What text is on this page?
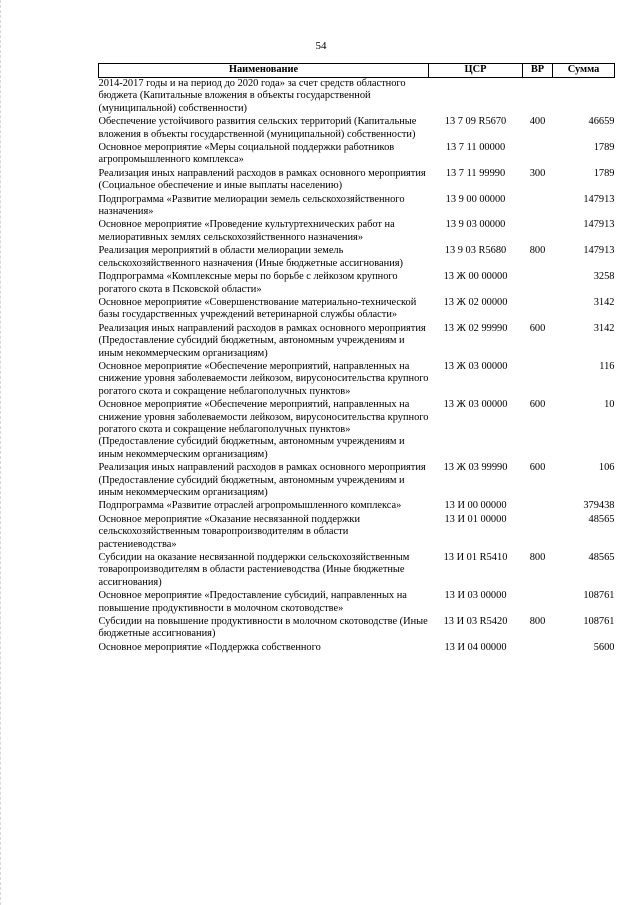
54
Наименование	ЦСР	ВР	Сумма
2014-2017 годы и на период до 2020 года» за счет средств областного бюджета (Капитальные вложения в объекты государственной (муниципальной) собственности)			
Обеспечение устойчивого развития сельских территорий (Капитальные вложения в объекты государственной (муниципальной) собственности)	13 7 09 R5670	400	46659
Основное мероприятие «Меры социальной поддержки работников агропромышленного комплекса»	13 7 11 00000		1789
Реализация иных направлений расходов в рамках основного мероприятия (Социальное обеспечение и иные выплаты населению)	13 7 11 99990	300	1789
Подпрограмма «Развитие мелиорации земель сельскохозяйственного назначения»	13 9 00 00000		147913
Основное мероприятие «Проведение культуртехнических работ на мелиоративных землях сельскохозяйственного назначения»	13 9 03 00000		147913
Реализация мероприятий в области мелиорации земель сельскохозяйственного назначения (Иные бюджетные ассигнования)	13 9 03 R5680	800	147913
Подпрограмма «Комплексные меры по борьбе с лейкозом крупного рогатого скота в Псковской области»	13 Ж 00 00000		3258
Основное мероприятие «Совершенствование материально-технической базы государственных учреждений ветеринарной службы области»	13 Ж 02 00000		3142
Реализация иных направлений расходов в рамках основного мероприятия (Предоставление субсидий бюджетным, автономным учреждениям и иным некоммерческим организациям)	13 Ж 02 99990	600	3142
Основное мероприятие «Обеспечение мероприятий, направленных на снижение уровня заболеваемости лейкозом, вирусоносительства крупного рогатого скота и сокращение неблагополучных пунктов»	13 Ж 03 00000		116
Основное мероприятие «Обеспечение мероприятий, направленных на снижение уровня заболеваемости лейкозом, вирусоносительства крупного рогатого скота и сокращение неблагополучных пунктов» (Предоставление субсидий бюджетным, автономным учреждениям и иным некоммерческим организациям)	13 Ж 03 00000	600	10
Реализация иных направлений расходов в рамках основного мероприятия (Предоставление субсидий бюджетным, автономным учреждениям и иным некоммерческим организациям)	13 Ж 03 99990	600	106
Подпрограмма «Развитие отраслей агропромышленного комплекса»	13 И 00 00000		379438
Основное мероприятие «Оказание несвязанной поддержки сельскохозяйственным товаропроизводителям в области растениеводства»	13 И 01 00000		48565
Субсидии на оказание несвязанной поддержки сельскохозяйственным товаропроизводителям в области растениеводства (Иные бюджетные ассигнования)	13 И 01 R5410	800	48565
Основное мероприятие «Предоставление субсидий, направленных на повышение продуктивности в молочном скотоводстве»	13 И 03 00000		108761
Субсидии на повышение продуктивности в молочном скотоводстве (Иные бюджетные ассигнования)	13 И 03 R5420	800	108761
Основное мероприятие «Поддержка собственного	13 И 04 00000		5600
